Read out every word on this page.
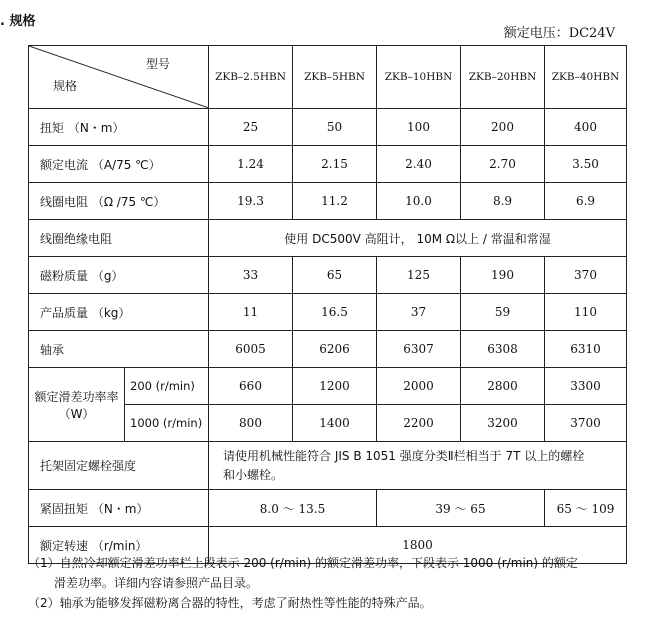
. 规格
额定电压：DC24V
型号
规格		ZKB–2.5HBN	ZKB–5HBN	ZKB–10HBN	ZKB–20HBN	ZKB–40HBN
扭矩 （N・m）		25	50	100	200	400
额定电流 （A/75 ℃）		1.24	2.15	2.40	2.70	3.50
线圈电阻 （Ω /75 ℃）		19.3	11.2	10.0	8.9	6.9
线圈绝缘电阻		使用 DC500V 高阻计， 10M Ω以上 / 常温和常湿				
磁粉质量 （g）		33	65	125	190	370
产品质量 （kg）		11	16.5	37	59	110
轴承		6005	6206	6307	6308	6310

额定滑差功率率
（W）	200 (r/min)	660	1200	2000	2800	3300
	1000 (r/min)	800	1400	2200	3200	3700
托架固定螺栓强度		请使用机械性能符合 JIS B 1051 强度分类Ⅱ栏相当于 7T 以上的螺栓
和小螺栓。				

紧固扭矩 （N・m）		8.0 ～ 13.5		39 ～ 65		65 ～ 109
额定转速 （r/min）		1800				
（1）自然冷却额定滑差功率栏上段表示 200 (r/min) 的额定滑差功率，下段表示 1000 (r/min) 的额定
滑差功率。详细内容请参照产品目录。
（2）轴承为能够发挥磁粉离合器的特性，考虑了耐热性等性能的特殊产品。
